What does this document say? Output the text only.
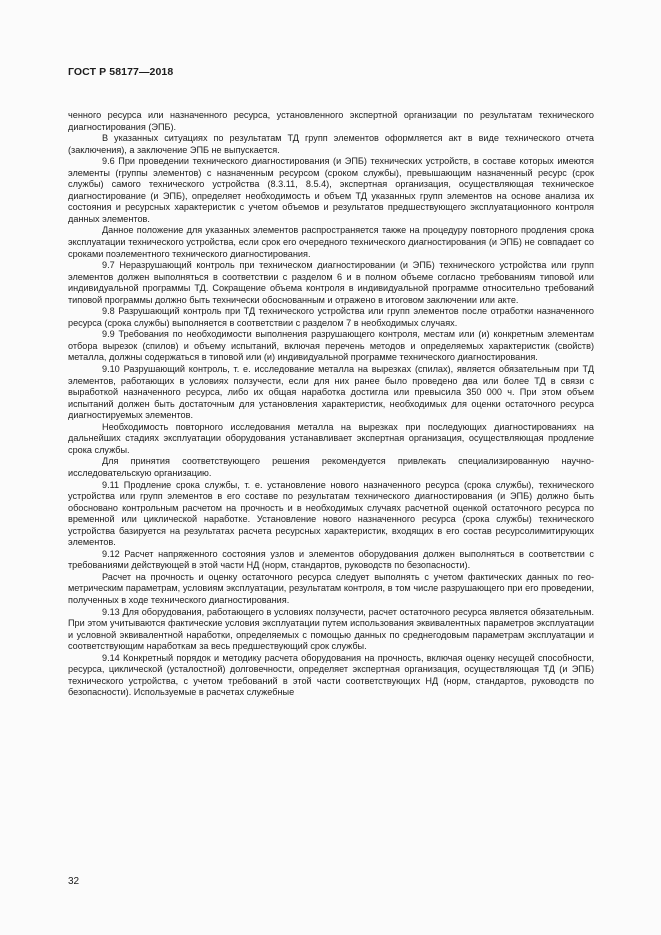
ГОСТ Р 58177—2018

ченного ресурса или назначенного ресурса, установленного экспертной организации по результатам технического диагностирования (ЭПБ).

В указанных ситуациях по результатам ТД групп элементов оформляется акт в виде технического отчета (заключения), а заключение ЭПБ не выпускается.

9.6 При проведении технического диагностирования (и ЭПБ) технических устройств, в составе которых имеются элементы (группы элементов) с назначенным ресурсом (сроком службы), превышающим назначенный ресурс (срок службы) самого технического устройства (8.3.11, 8.5.4), экспертная организация, осуществляющая техническое диагностирование (и ЭПБ), определяет необходимость и объем ТД указанных групп элементов на основе анализа их состояния и ресурсных характеристик с учетом объемов и результатов предшествующего эксплуатационного контроля данных элементов.

Данное положение для указанных элементов распространяется также на процедуру повторного продления срока эксплуатации технического устройства, если срок его очередного технического диагностирования (и ЭПБ) не совпадает со сроками поэлементного технического диагностирования.

9.7 Неразрушающий контроль при техническом диагностировании (и ЭПБ) технического устройства или групп элементов должен выполняться в соответствии с разделом 6 и в полном объеме согласно требованиям типовой или индивидуальной программы ТД. Сокращение объема контроля в индивидуальной программе относительно требований типовой программы должно быть технически обоснованным и отражено в итоговом заключении или акте.

9.8 Разрушающий контроль при ТД технического устройства или групп элементов после отработки назначенного ресурса (срока службы) выполняется в соответствии с разделом 7 в необходимых случаях.

9.9 Требования по необходимости выполнения разрушающего контроля, местам или (и) конкретным элементам отбора вырезок (спилов) и объему испытаний, включая перечень методов и определяемых характеристик (свойств) металла, должны содержаться в типовой или (и) индивидуальной программе технического диагностирования.

9.10 Разрушающий контроль, т. е. исследование металла на вырезках (спилах), является обязательным при ТД элементов, работающих в условиях ползучести, если для них ранее было проведено два или более ТД в связи с выработкой назначенного ресурса, либо их общая наработка достигла или превысила 350 000 ч. При этом объем испытаний должен быть достаточным для установления характеристик, необходимых для оценки остаточного ресурса диагностируемых элементов.

Необходимость повторного исследования металла на вырезках при последующих диагностированиях на дальнейших стадиях эксплуатации оборудования устанавливает экспертная организация, осуществляющая продление срока службы.

Для принятия соответствующего решения рекомендуется привлекать специализированную научно-исследовательскую организацию.

9.11 Продление срока службы, т. е. установление нового назначенного ресурса (срока службы), технического устройства или групп элементов в его составе по результатам технического диагностирования (и ЭПБ) должно быть обосновано контрольным расчетом на прочность и в необходимых случаях расчетной оценкой остаточного ресурса по временной или циклической наработке. Установление нового назначенного ресурса (срока службы) технического устройства базируется на результатах расчета ресурсных характеристик, входящих в его состав ресурсолимитирующих элементов.

9.12 Расчет напряженного состояния узлов и элементов оборудования должен выполняться в соответствии с требованиями действующей в этой части НД (норм, стандартов, руководств по безопасности).

Расчет на прочность и оценку остаточного ресурса следует выполнять с учетом фактических данных по геометрическим параметрам, условиям эксплуатации, результатам контроля, в том числе разрушающего при его проведении, полученных в ходе технического диагностирования.

9.13 Для оборудования, работающего в условиях ползучести, расчет остаточного ресурса является обязательным. При этом учитываются фактические условия эксплуатации путем использования эквивалентных параметров эксплуатации и условной эквивалентной наработки, определяемых с помощью данных по среднегодовым параметрам эксплуатации и соответствующим наработкам за весь предшествующий срок службы.

9.14 Конкретный порядок и методику расчета оборудования на прочность, включая оценку несущей способности, ресурса, циклической (усталостной) долговечности, определяет экспертная организация, осуществляющая ТД (и ЭПБ) технического устройства, с учетом требований в этой части соответствующих НД (норм, стандартов, руководств по безопасности). Используемые в расчетах служебные

32
